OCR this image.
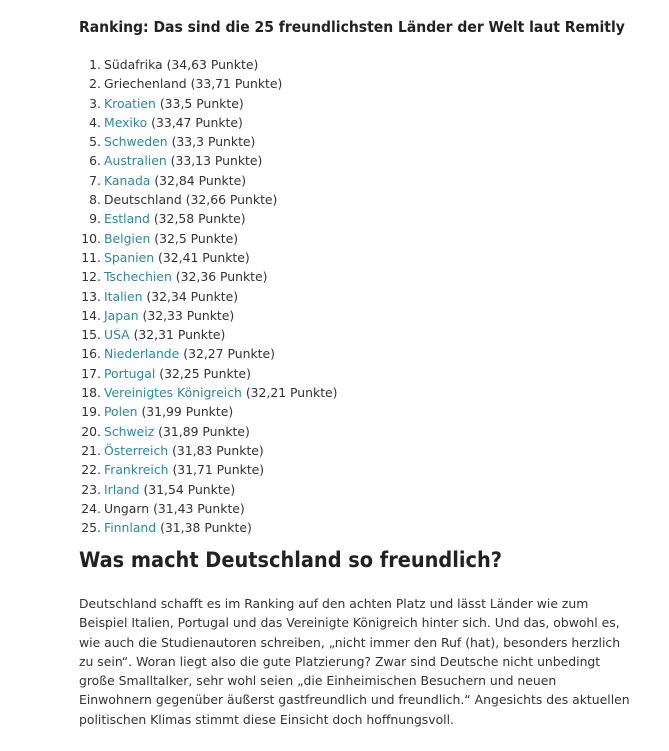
Ranking: Das sind die 25 freundlichsten Länder der Welt laut Remitly
1. Südafrika (34,63 Punkte)
2. Griechenland (33,71 Punkte)
3. Kroatien (33,5 Punkte)
4. Mexiko (33,47 Punkte)
5. Schweden (33,3 Punkte)
6. Australien (33,13 Punkte)
7. Kanada (32,84 Punkte)
8. Deutschland (32,66 Punkte)
9. Estland (32,58 Punkte)
10. Belgien (32,5 Punkte)
11. Spanien (32,41 Punkte)
12. Tschechien (32,36 Punkte)
13. Italien (32,34 Punkte)
14. Japan (32,33 Punkte)
15. USA (32,31 Punkte)
16. Niederlande (32,27 Punkte)
17. Portugal (32,25 Punkte)
18. Vereinigtes Königreich (32,21 Punkte)
19. Polen (31,99 Punkte)
20. Schweiz (31,89 Punkte)
21. Österreich (31,83 Punkte)
22. Frankreich (31,71 Punkte)
23. Irland (31,54 Punkte)
24. Ungarn (31,43 Punkte)
25. Finnland (31,38 Punkte)
Was macht Deutschland so freundlich?

Deutschland schafft es im Ranking auf den achten Platz und lässt Länder wie zum
Beispiel Italien, Portugal und das Vereinigte Königreich hinter sich. Und das, obwohl es,
wie auch die Studienautoren schreiben, „nicht immer den Ruf (hat), besonders herzlich
zu sein“. Woran liegt also die gute Platzierung? Zwar sind Deutsche nicht unbedingt
große Smalltalker, sehr wohl seien „die Einheimischen Besuchern und neuen
Einwohnern gegenüber äußerst gastfreundlich und freundlich.“ Angesichts des aktuellen
politischen Klimas stimmt diese Einsicht doch hoffnungsvoll.
